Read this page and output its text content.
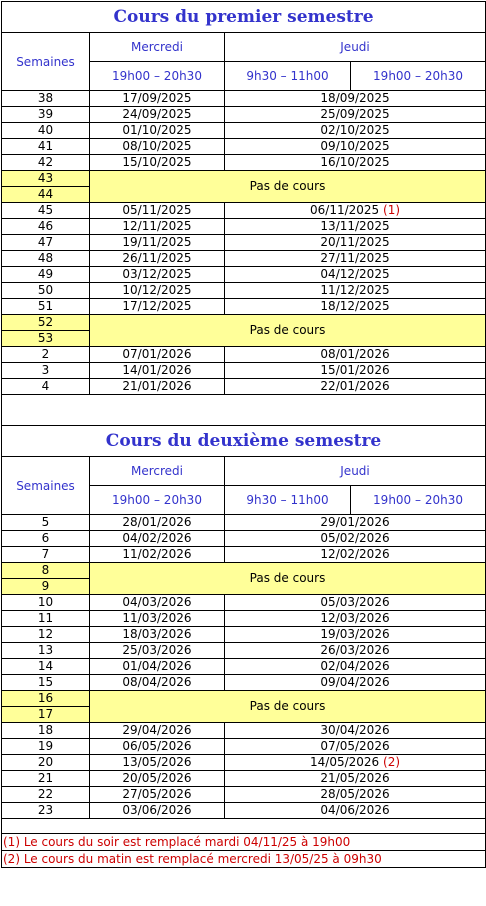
Cours du premier semestre			
Semaines	Mercredi	Jeudi	
	19h00 – 20h30	9h30 – 11h00	19h00 – 20h30
38	17/09/2025	18/09/2025	
39	24/09/2025	25/09/2025	
40	01/10/2025	02/10/2025	
41	08/10/2025	09/10/2025	
42	15/10/2025	16/10/2025	
43	Pas de cours		
44			
45	05/11/2025	06/11/2025 (1)	
46	12/11/2025	13/11/2025	
47	19/11/2025	20/11/2025	
48	26/11/2025	27/11/2025	
49	03/12/2025	04/12/2025	
50	10/12/2025	11/12/2025	
51	17/12/2025	18/12/2025	
52	Pas de cours		
53			
2	07/01/2026	08/01/2026	
3	14/01/2026	15/01/2026	
4	21/01/2026	22/01/2026	

Cours du deuxième semestre			
Semaines	Mercredi	Jeudi	
	19h00 – 20h30	9h30 – 11h00	19h00 – 20h30
5	28/01/2026	29/01/2026	
6	04/02/2026	05/02/2026	
7	11/02/2026	12/02/2026	
8	Pas de cours		
9			
10	04/03/2026	05/03/2026	
11	11/03/2026	12/03/2026	
12	18/03/2026	19/03/2026	
13	25/03/2026	26/03/2026	
14	01/04/2026	02/04/2026	
15	08/04/2026	09/04/2026	
16	Pas de cours		
17			
18	29/04/2026	30/04/2026	
19	06/05/2026	07/05/2026	
20	13/05/2026	14/05/2026 (2)	
21	20/05/2026	21/05/2026	
22	27/05/2026	28/05/2026	
23	03/06/2026	04/06/2026	

(1) Le cours du soir est remplacé mardi 04/11/25 à 19h00			
(2) Le cours du matin est remplacé mercredi 13/05/25 à 09h30			
